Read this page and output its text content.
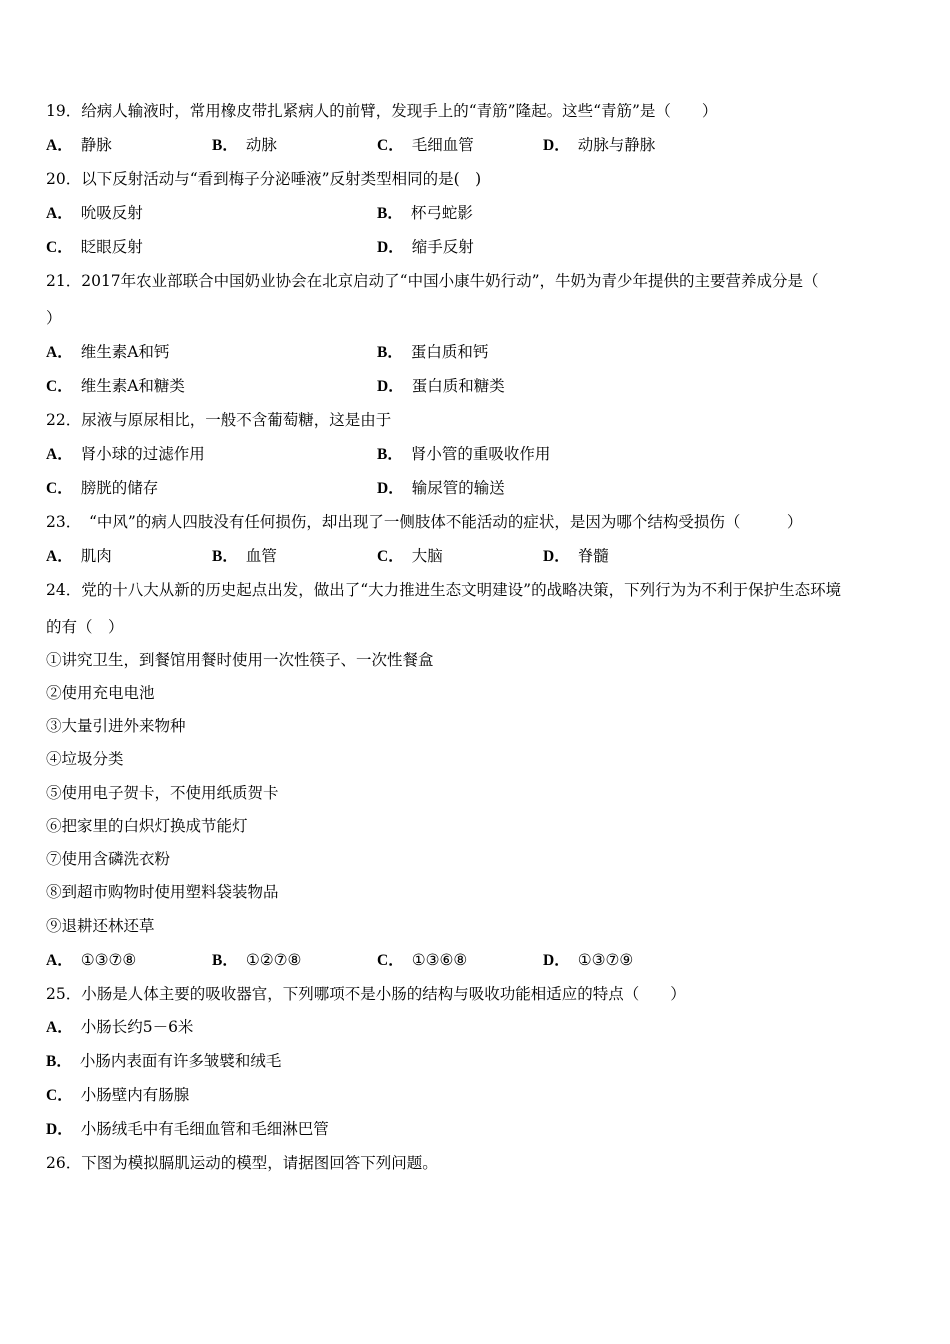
19．给病人输液时，常用橡皮带扎紧病人的前臂，发现手上的“青筋”隆起。这些“青筋”是（　　）
A． 静脉	B． 动脉	C． 毛细血管	D． 动脉与静脉
20．以下反射活动与“看到梅子分泌唾液”反射类型相同的是(　)
A． 吮吸反射	B． 杯弓蛇影
C． 眨眼反射	D． 缩手反射
21．2017年农业部联合中国奶业协会在北京启动了“中国小康牛奶行动”，牛奶为青少年提供的主要营养成分是（
）
A． 维生素A和钙	B． 蛋白质和钙
C． 维生素A和糖类	D． 蛋白质和糖类
22．尿液与原尿相比，一般不含葡萄糖，这是由于
A． 肾小球的过滤作用	B． 肾小管的重吸收作用
C． 膀胱的储存	D． 输尿管的输送
23．　“中风”的病人四肢没有任何损伤，却出现了一侧肢体不能活动的症状，是因为哪个结构受损伤（　　　）
A． 肌肉	B． 血管	C． 大脑	D． 脊髓
24．党的十八大从新的历史起点出发，做出了“大力推进生态文明建设”的战略决策，下列行为为不利于保护生态环境
的有（　）
①讲究卫生，到餐馆用餐时使用一次性筷子、一次性餐盒
②使用充电电池
③大量引进外来物种
④垃圾分类
⑤使用电子贺卡，不使用纸质贺卡
⑥把家里的白炽灯换成节能灯
⑦使用含磷洗衣粉
⑧到超市购物时使用塑料袋装物品
⑨退耕还林还草
A． ①③⑦⑧	B． ①②⑦⑧	C． ①③⑥⑧	D． ①③⑦⑨
25．小肠是人体主要的吸收器官，下列哪项不是小肠的结构与吸收功能相适应的特点（　　）
A． 小肠长约5－6米
B． 小肠内表面有许多皱襞和绒毛
C． 小肠壁内有肠腺
D． 小肠绒毛中有毛细血管和毛细淋巴管
26．下图为模拟膈肌运动的模型，请据图回答下列问题。
